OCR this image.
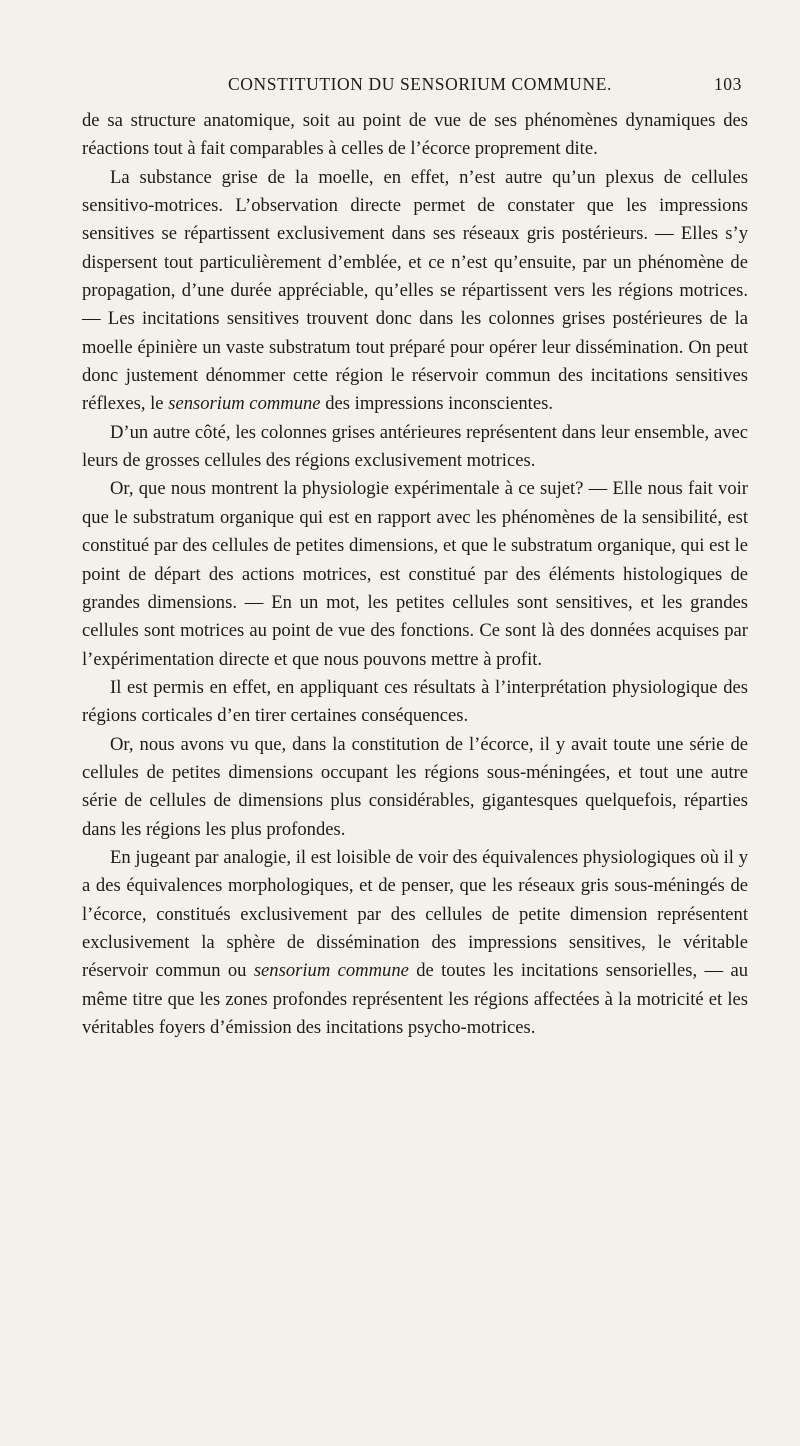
CONSTITUTION DU SENSORIUM COMMUNE.	103

de sa structure anatomique, soit au point de vue de ses phénomènes dynamiques des réactions tout à fait comparables à celles de l’écorce proprement dite.

La substance grise de la moelle, en effet, n’est autre qu’un plexus de cellules sensitivo-motrices. L’observation directe permet de constater que les impressions sensitives se répartissent exclusivement dans ses réseaux gris postérieurs. — Elles s’y dispersent tout particulièrement d’emblée, et ce n’est qu’ensuite, par un phénomène de propagation, d’une durée appréciable, qu’elles se répartissent vers les régions motrices. — Les incitations sensitives trouvent donc dans les colonnes grises postérieures de la moelle épinière un vaste substratum tout préparé pour opérer leur dissémination. On peut donc justement dénommer cette région le réservoir commun des incitations sensitives réflexes, le sensorium commune des impressions inconscientes.

D’un autre côté, les colonnes grises antérieures représentent dans leur ensemble, avec leurs de grosses cellules des régions exclusivement motrices.

Or, que nous montrent la physiologie expérimentale à ce sujet? — Elle nous fait voir que le substratum organique qui est en rapport avec les phénomènes de la sensibilité, est constitué par des cellules de petites dimensions, et que le substratum organique, qui est le point de départ des actions motrices, est constitué par des éléments histologiques de grandes dimensions. — En un mot, les petites cellules sont sensitives, et les grandes cellules sont motrices au point de vue des fonctions. Ce sont là des données acquises par l’expérimentation directe et que nous pouvons mettre à profit.

Il est permis en effet, en appliquant ces résultats à l’interprétation physiologique des régions corticales d’en tirer certaines conséquences.

Or, nous avons vu que, dans la constitution de l’écorce, il y avait toute une série de cellules de petites dimensions occupant les régions sous-méningées, et tout une autre série de cellules de dimensions plus considérables, gigantesques quelquefois, réparties dans les régions les plus profondes.

En jugeant par analogie, il est loisible de voir des équivalences physiologiques où il y a des équivalences morphologiques, et de penser, que les réseaux gris sous-méningés de l’écorce, constitués exclusivement par des cellules de petite dimension représentent exclusivement la sphère de dissémination des impressions sensitives, le véritable réservoir commun ou sensorium commune de toutes les incitations sensorielles, — au même titre que les zones profondes représentent les régions affectées à la motricité et les véritables foyers d’émission des incitations psycho-motrices.
